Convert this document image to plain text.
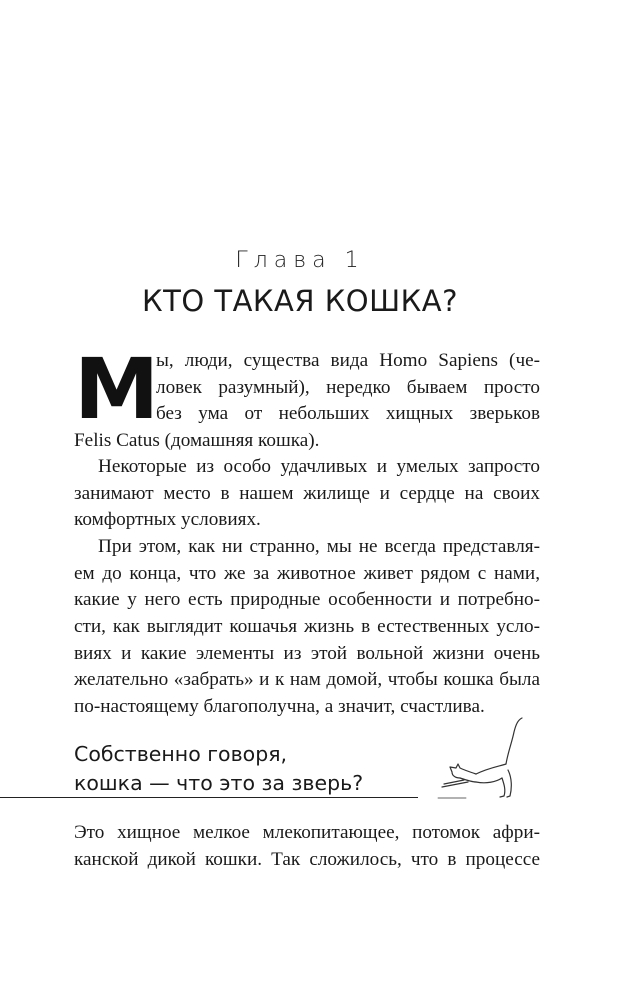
Глава 1
КТО ТАКАЯ КОШКА?
М ы, люди, существа вида Homo Sapiens (че-
ловек разумный), нередко бываем просто
без ума от небольших хищных зверьков
Felis Catus (домашняя кошка).
Некоторые из особо удачливых и умелых запросто
занимают место в нашем жилище и сердце на своих
комфортных условиях.
При этом, как ни странно, мы не всегда представля-
ем до конца, что же за животное живет рядом с нами,
какие у него есть природные особенности и потребно-
сти, как выглядит кошачья жизнь в естественных усло-
виях и какие элементы из этой вольной жизни очень
желательно «забрать» и к нам домой, чтобы кошка была
по-настоящему благополучна, а значит, счастлива.
Собственно говоря,
кошка — что это за зверь?
Это хищное мелкое млекопитающее, потомок афри-
канской дикой кошки. Так сложилось, что в процессе
